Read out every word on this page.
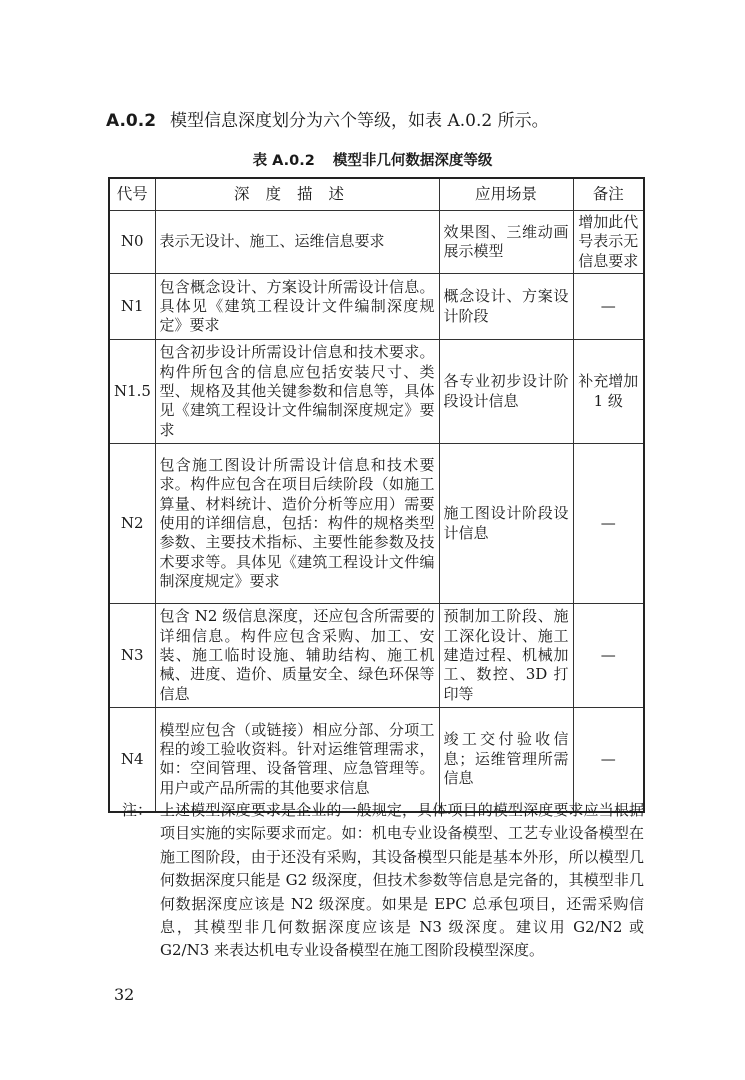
A.0.2 模型信息深度划分为六个等级，如表 A.0.2 所示。
表 A.0.2 模型非几何数据深度等级
代号	深度描述	应用场景	备注
N0	表示无设计、施工、运维信息要求	效果图、三维动画展示模型	增加此代号表示无信息要求
N1	包含概念设计、方案设计所需设计信息。具体见《建筑工程设计文件编制深度规定》要求	概念设计、方案设计阶段	—
N1.5	包含初步设计所需设计信息和技术要求。构件所包含的信息应包括安装尺寸、类型、规格及其他关键参数和信息等，具体见《建筑工程设计文件编制深度规定》要求	各专业初步设计阶段设计信息	补充增加 1 级
N2	包含施工图设计所需设计信息和技术要求。构件应包含在项目后续阶段（如施工算量、材料统计、造价分析等应用）需要使用的详细信息，包括：构件的规格类型参数、主要技术指标、主要性能参数及技术要求等。具体见《建筑工程设计文件编制深度规定》要求	施工图设计阶段设计信息	—
N3	包含 N2 级信息深度，还应包含所需要的详细信息。构件应包含采购、加工、安装、施工临时设施、辅助结构、施工机械、进度、造价、质量安全、绿色环保等信息	预制加工阶段、施工深化设计、施工建造过程、机械加工、数控、3D 打印等	—
N4	模型应包含（或链接）相应分部、分项工程的竣工验收资料。针对运维管理需求，如：空间管理、设备管理、应急管理等。用户或产品所需的其他要求信息	竣工交付验收信息；运维管理所需信息	—
注： 上述模型深度要求是企业的一般规定，具体项目的模型深度要求应当根据项目实施的实际要求而定。如：机电专业设备模型、工艺专业设备模型在施工图阶段，由于还没有采购，其设备模型只能是基本外形，所以模型几何数据深度只能是 G2 级深度，但技术参数等信息是完备的，其模型非几何数据深度应该是 N2 级深度。如果是 EPC 总承包项目，还需采购信息，其模型非几何数据深度应该是 N3 级深度。建议用 G2/N2 或 G2/N3 来表达机电专业设备模型在施工图阶段模型深度。
32
